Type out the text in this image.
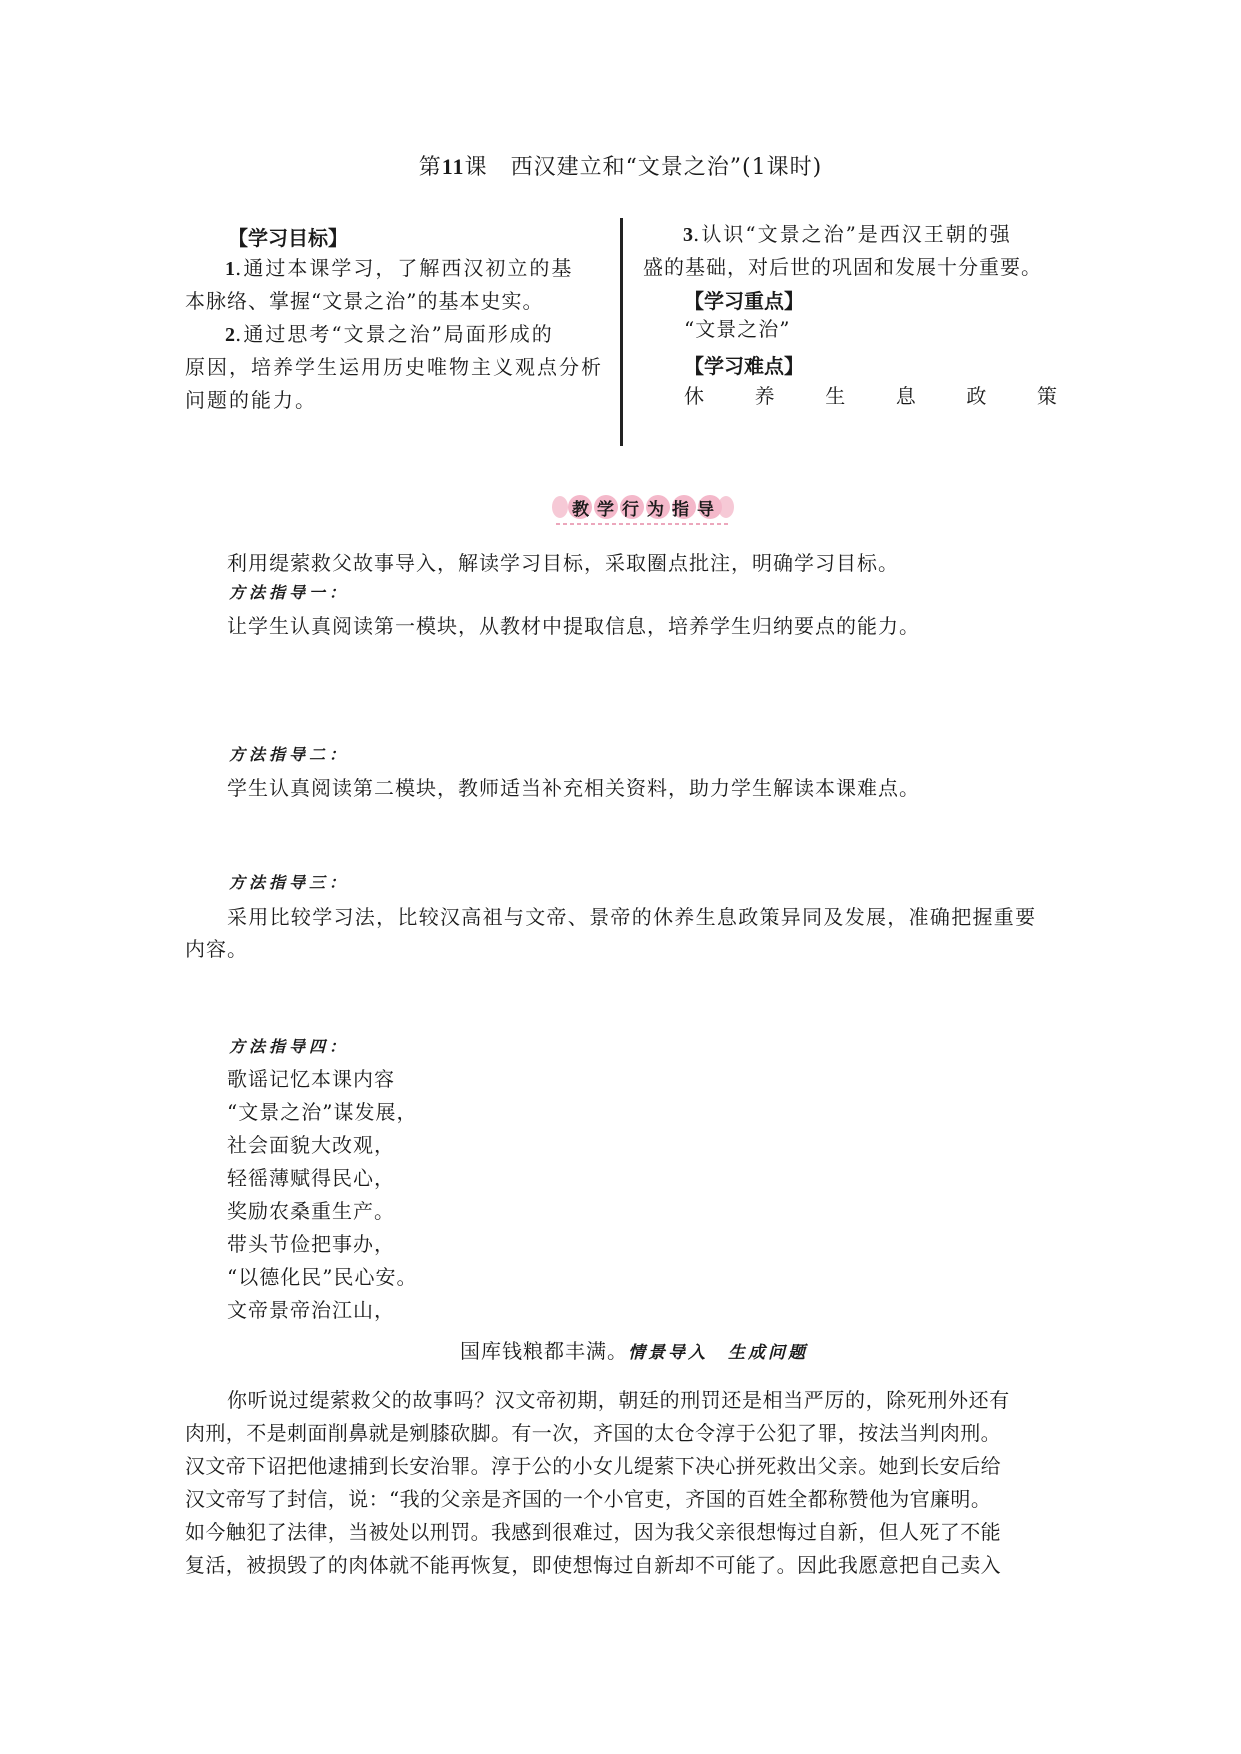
第11课　西汉建立和“文景之治”(1课时)
【学习目标】
1.通过本课学习，了解西汉初立的基
本脉络、掌握“文景之治”的基本史实。
2.通过思考“文景之治”局面形成的
原因，培养学生运用历史唯物主义观点分析
问题的能力。
3.认识“文景之治”是西汉王朝的强
盛的基础，对后世的巩固和发展十分重要。
【学习重点】
“文景之治”
【学习难点】
休	养	生	息	政	策
教学行为指导
利用缇萦救父故事导入，解读学习目标，采取圈点批注，明确学习目标。
方法指导一：
让学生认真阅读第一模块，从教材中提取信息，培养学生归纳要点的能力。
方法指导二：
学生认真阅读第二模块，教师适当补充相关资料，助力学生解读本课难点。
方法指导三：
采用比较学习法，比较汉高祖与文帝、景帝的休养生息政策异同及发展，准确把握重要
内容。
方法指导四：
歌谣记忆本课内容
“文景之治”谋发展，
社会面貌大改观，
轻徭薄赋得民心，
奖励农桑重生产。
带头节俭把事办，
“以德化民”民心安。
文帝景帝治江山，
国库钱粮都丰满。情景导入　生成问题
你听说过缇萦救父的故事吗？汉文帝初期，朝廷的刑罚还是相当严厉的，除死刑外还有
肉刑，不是刺面削鼻就是剜膝砍脚。有一次，齐国的太仓令淳于公犯了罪，按法当判肉刑。
汉文帝下诏把他逮捕到长安治罪。淳于公的小女儿缇萦下决心拼死救出父亲。她到长安后给
汉文帝写了封信，说：“我的父亲是齐国的一个小官吏，齐国的百姓全都称赞他为官廉明。
如今触犯了法律，当被处以刑罚。我感到很难过，因为我父亲很想悔过自新，但人死了不能
复活，被损毁了的肉体就不能再恢复，即使想悔过自新却不可能了。因此我愿意把自己卖入
